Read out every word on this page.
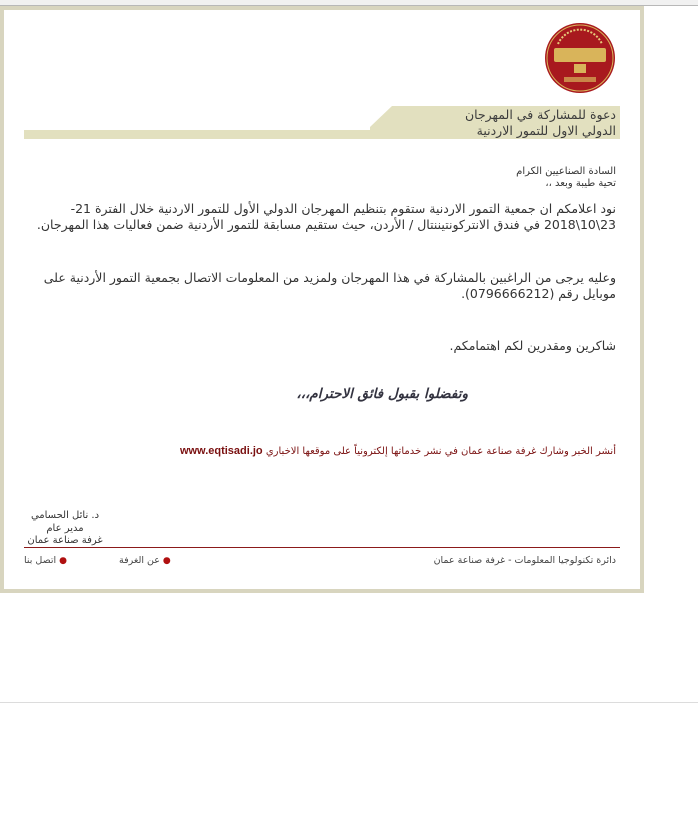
دعوة للمشاركة في المهرجان
الدولي الاول للتمور الاردنية
السادة الصناعيين الكرام
تحية طيبة وبعد ،،
نود اعلامكم ان جمعية التمور الاردنية ستقوم بتنظيم المهرجان الدولي الأول للتمور الاردنية خلال الفترة 21- 23\10\2018 في فندق الانتركونتيننتال / الأردن، حيث ستقيم مسابقة للتمور الأردنية ضمن فعاليات هذا المهرجان.
وعليه يرجى من الراغبين بالمشاركة في هذا المهرجان ولمزيد من المعلومات الاتصال بجمعية التمور الأردنية على موبايل رقم (0796666212).
شاكرين ومقدرين لكم اهتمامكم.
وتفضلوا بقبول فائق الاحترام،،،
أنشر الخبر وشارك غرفة صناعة عمان في نشر خدماتها إلكترونياً على موقعها الاخباري www.eqtisadi.jo
د. نائل الحسامي
مدير عام
غرفة صناعة عمان
دائرة تكنولوجيا المعلومات - غرفة صناعة عمان
●عن الغرفة
●اتصل بنا
